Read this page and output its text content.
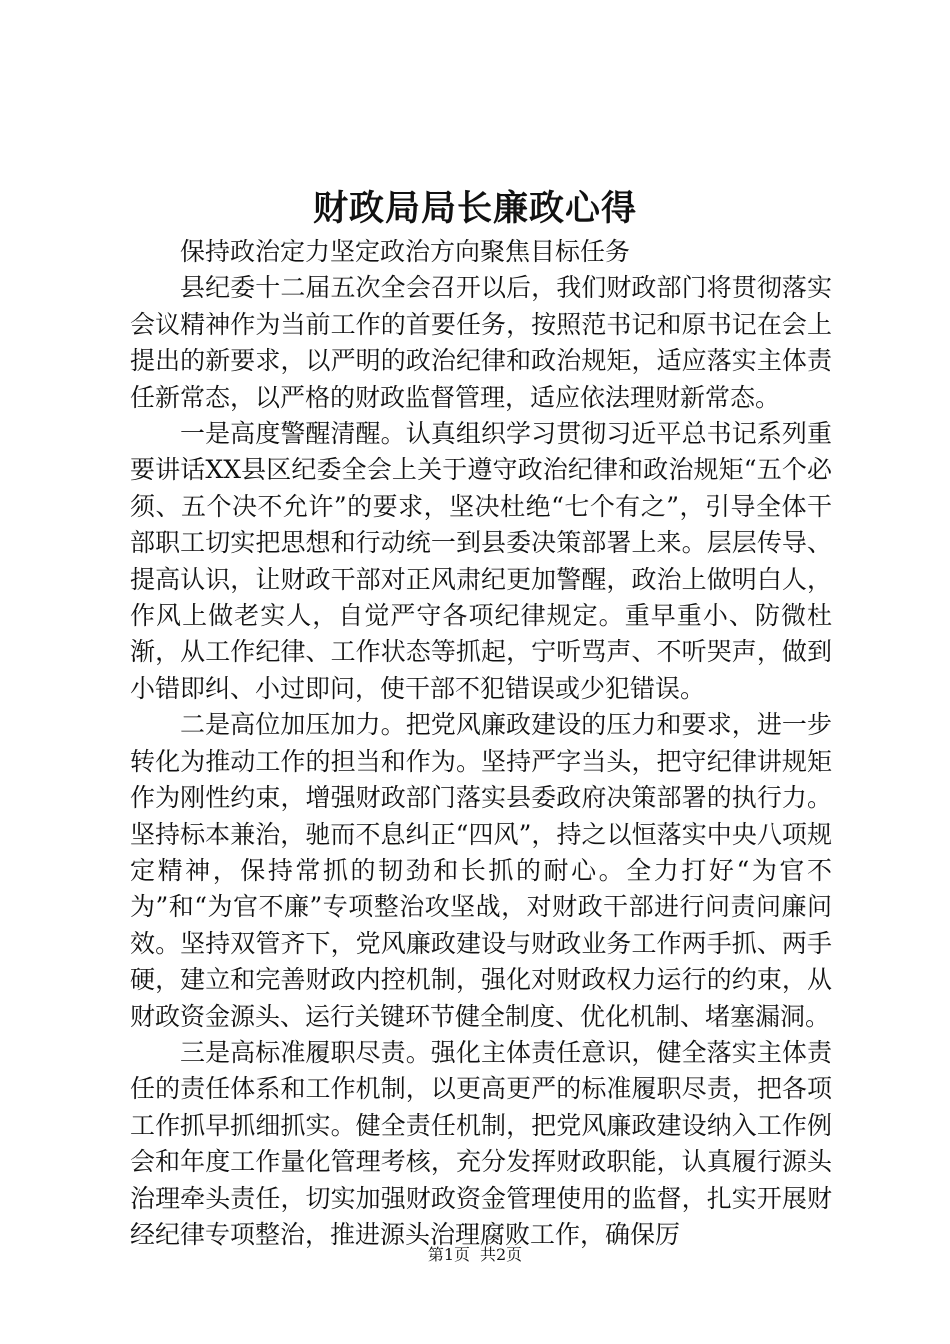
财政局局长廉政心得

保持政治定力坚定政治方向聚焦目标任务

县纪委十二届五次全会召开以后，我们财政部门将贯彻落实会议精神作为当前工作的首要任务，按照范书记和原书记在会上提出的新要求，以严明的政治纪律和政治规矩，适应落实主体责任新常态，以严格的财政监督管理，适应依法理财新常态。

一是高度警醒清醒。认真组织学习贯彻习近平总书记系列重要讲话XX县区纪委全会上关于遵守政治纪律和政治规矩“五个必须、五个决不允许”的要求，坚决杜绝“七个有之”，引导全体干部职工切实把思想和行动统一到县委决策部署上来。层层传导、提高认识，让财政干部对正风肃纪更加警醒，政治上做明白人，作风上做老实人，自觉严守各项纪律规定。重早重小、防微杜渐，从工作纪律、工作状态等抓起，宁听骂声、不听哭声，做到小错即纠、小过即问，使干部不犯错误或少犯错误。

二是高位加压加力。把党风廉政建设的压力和要求，进一步转化为推动工作的担当和作为。坚持严字当头，把守纪律讲规矩作为刚性约束，增强财政部门落实县委政府决策部署的执行力。坚持标本兼治，驰而不息纠正“四风”，持之以恒落实中央八项规定精神，保持常抓的韧劲和长抓的耐心。全力打好“为官不为”和“为官不廉”专项整治攻坚战，对财政干部进行问责问廉问效。坚持双管齐下，党风廉政建设与财政业务工作两手抓、两手硬，建立和完善财政内控机制，强化对财政权力运行的约束，从财政资金源头、运行关键环节健全制度、优化机制、堵塞漏洞。

三是高标准履职尽责。强化主体责任意识，健全落实主体责任的责任体系和工作机制，以更高更严的标准履职尽责，把各项工作抓早抓细抓实。健全责任机制，把党风廉政建设纳入工作例会和年度工作量化管理考核，充分发挥财政职能，认真履行源头治理牵头责任，切实加强财政资金管理使用的监督，扎实开展财经纪律专项整治，推进源头治理腐败工作，确保厉

第1页 共2页
